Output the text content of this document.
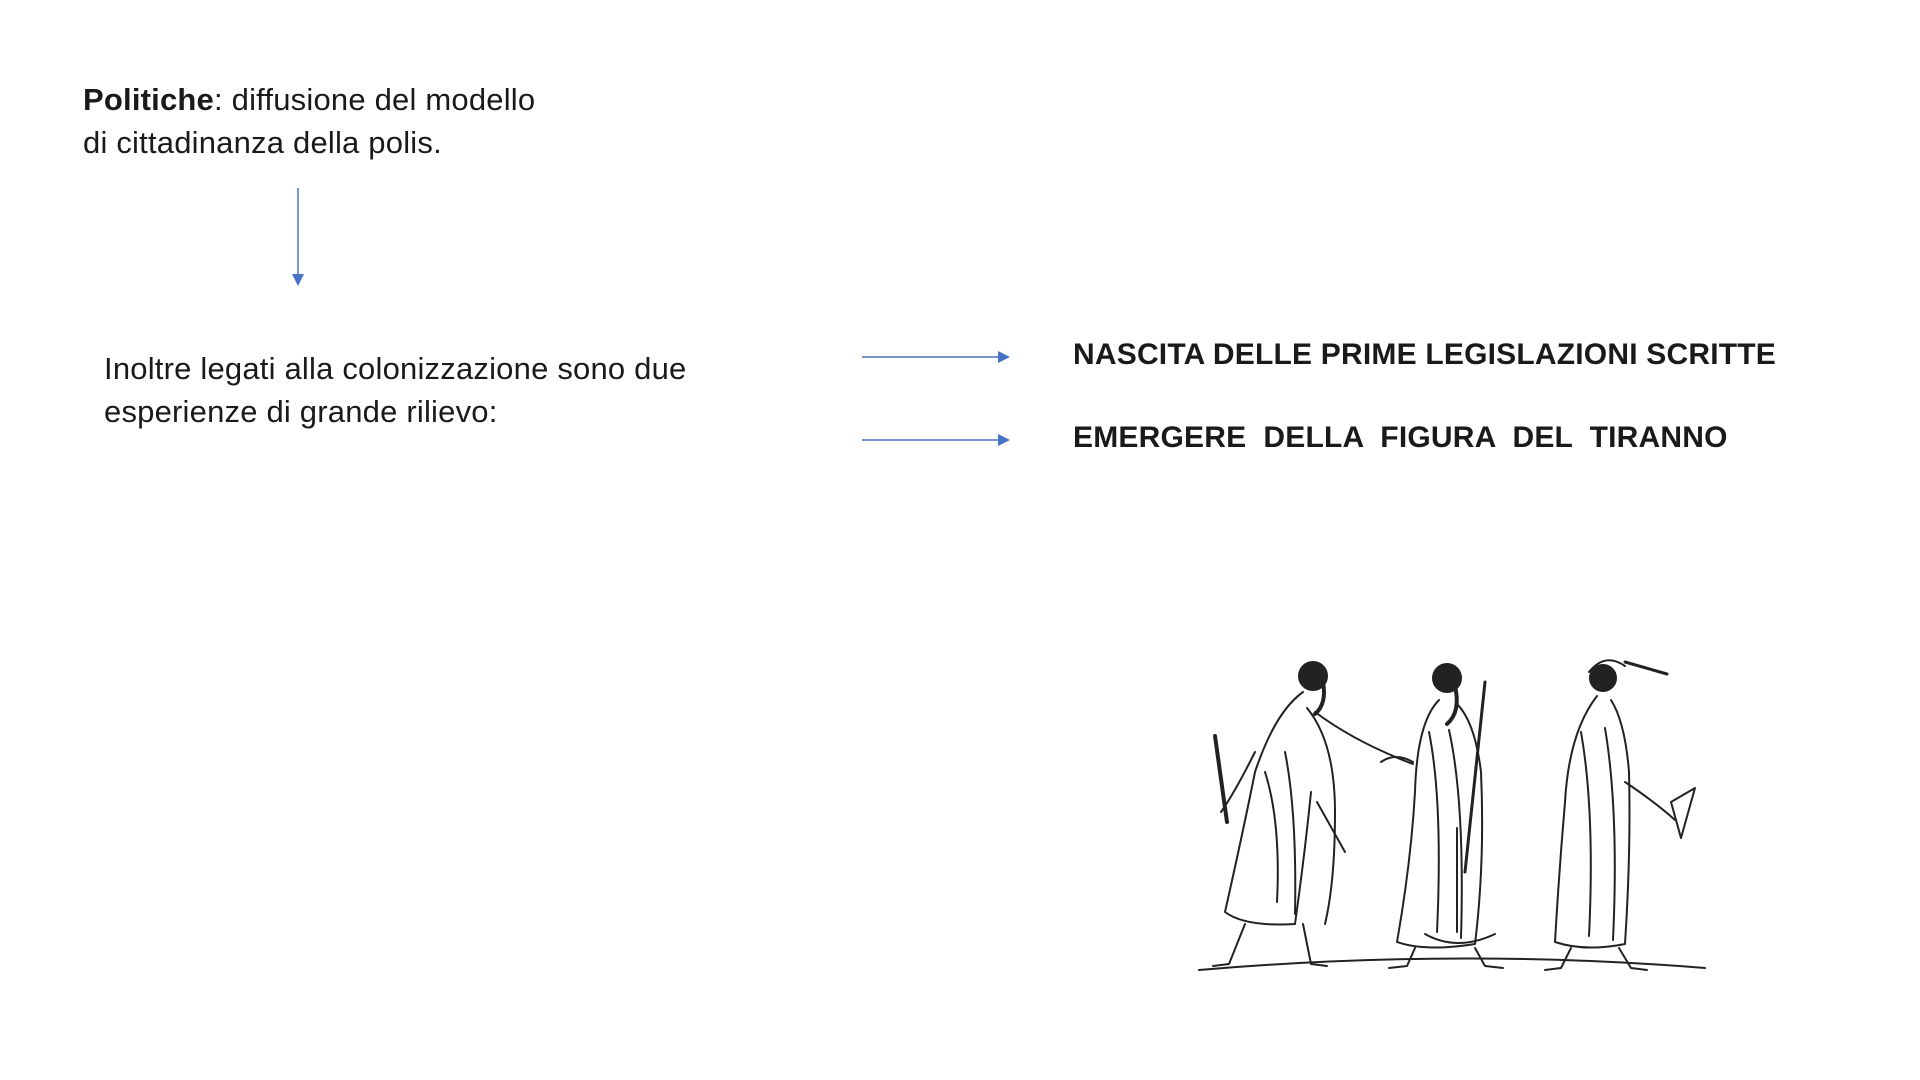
Politiche: diffusione del modello
di cittadinanza della polis.
Inoltre legati alla colonizzazione sono due
esperienze di grande rilievo:
NASCITA DELLE PRIME LEGISLAZIONI SCRITTE
EMERGERE  DELLA  FIGURA  DEL  TIRANNO
